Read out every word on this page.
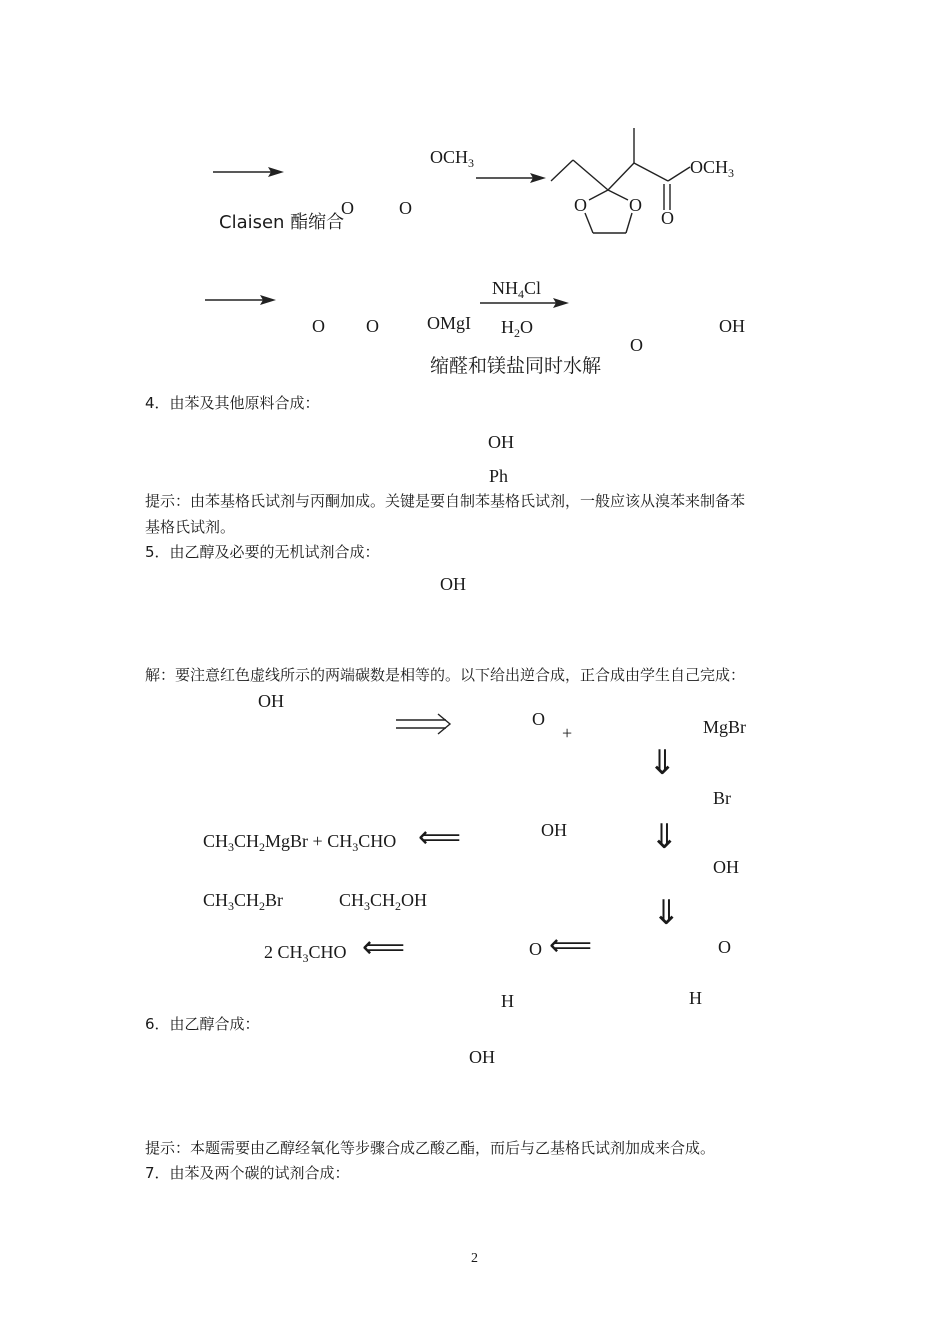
$OCH_3$	$OCH_3$
Claisen 酯缩合
O	O	O O
O
O O	OMgI
$NH_4Cl$
$H_2O$
O
OH
缩醛和镁盐同时水解
4．由苯及其他原料合成：
OH
Ph
提示：由苯基格氏试剂与丙酮加成。关键是要自制苯基格氏试剂，一般应该从溴苯来制备苯
基格氏试剂。
5．由乙醇及必要的无机试剂合成：
OH
解：要注意红色虚线所示的两端碳数是相等的。以下给出逆合成，正合成由学生自己完成：
OH
O
+	MgBr
⇓
Br
⇓
OH
⇓
O
H
OH
$CH_3CH_2MgBr + CH_3CHO$ ⟸
$CH_3CH_2Br$	$CH_3CH_2OH$
2 $CH_3CHO$ ⟸	O ⟸
H
6．由乙醇合成：
OH
提示：本题需要由乙醇经氧化等步骤合成乙酸乙酯，而后与乙基格氏试剂加成来合成。
7．由苯及两个碳的试剂合成：
2
